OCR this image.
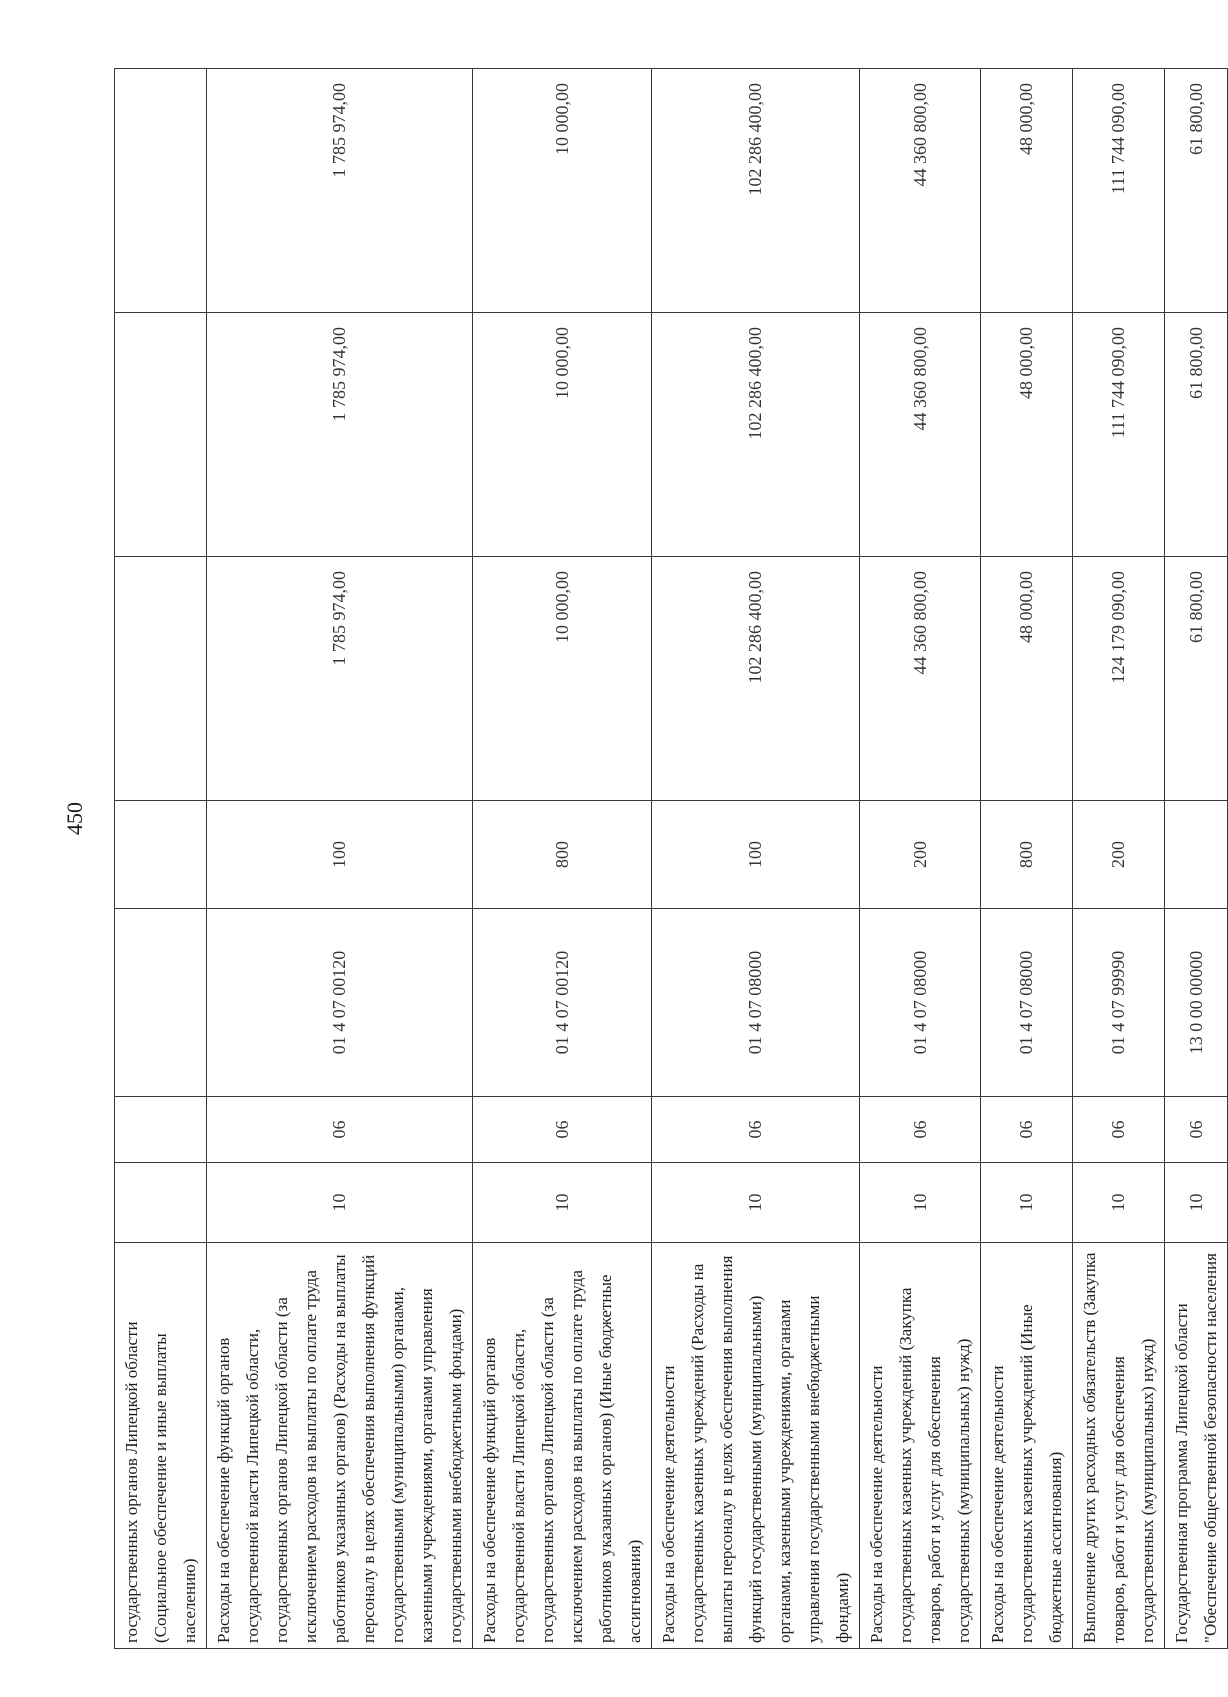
450
государственных органов Липецкой области (Социальное обеспечение и иные выплаты населению)							
Расходы на обеспечение функций органов государственной власти Липецкой области, государственных органов Липецкой области (за исключением расходов на выплаты по оплате труда работников указанных органов) (Расходы на выплаты персоналу в целях обеспечения выполнения функций государственными (муниципальными) органами, казенными учреждениями, органами управления государственными внебюджетными фондами)	10	06	01 4 07 00120	100	1 785 974,00	1 785 974,00	1 785 974,00
Расходы на обеспечение функций органов государственной власти Липецкой области, государственных органов Липецкой области (за исключением расходов на выплаты по оплате труда работников указанных органов) (Иные бюджетные ассигнования)	10	06	01 4 07 00120	800	10 000,00	10 000,00	10 000,00
Расходы на обеспечение деятельности государственных казенных учреждений (Расходы на выплаты персоналу в целях обеспечения выполнения функций государственными (муниципальными) органами, казенными учреждениями, органами управления государственными внебюджетными фондами)	10	06	01 4 07 08000	100	102 286 400,00	102 286 400,00	102 286 400,00
Расходы на обеспечение деятельности государственных казенных учреждений (Закупка товаров, работ и услуг для обеспечения государственных (муниципальных) нужд)	10	06	01 4 07 08000	200	44 360 800,00	44 360 800,00	44 360 800,00
Расходы на обеспечение деятельности государственных казенных учреждений (Иные бюджетные ассигнования)	10	06	01 4 07 08000	800	48 000,00	48 000,00	48 000,00
Выполнение других расходных обязательств (Закупка товаров, работ и услуг для обеспечения государственных (муниципальных) нужд)	10	06	01 4 07 99990	200	124 179 090,00	111 744 090,00	111 744 090,00
Государственная программа Липецкой области "Обеспечение общественной безопасности населения	10	06	13 0 00 00000		61 800,00	61 800,00	61 800,00
